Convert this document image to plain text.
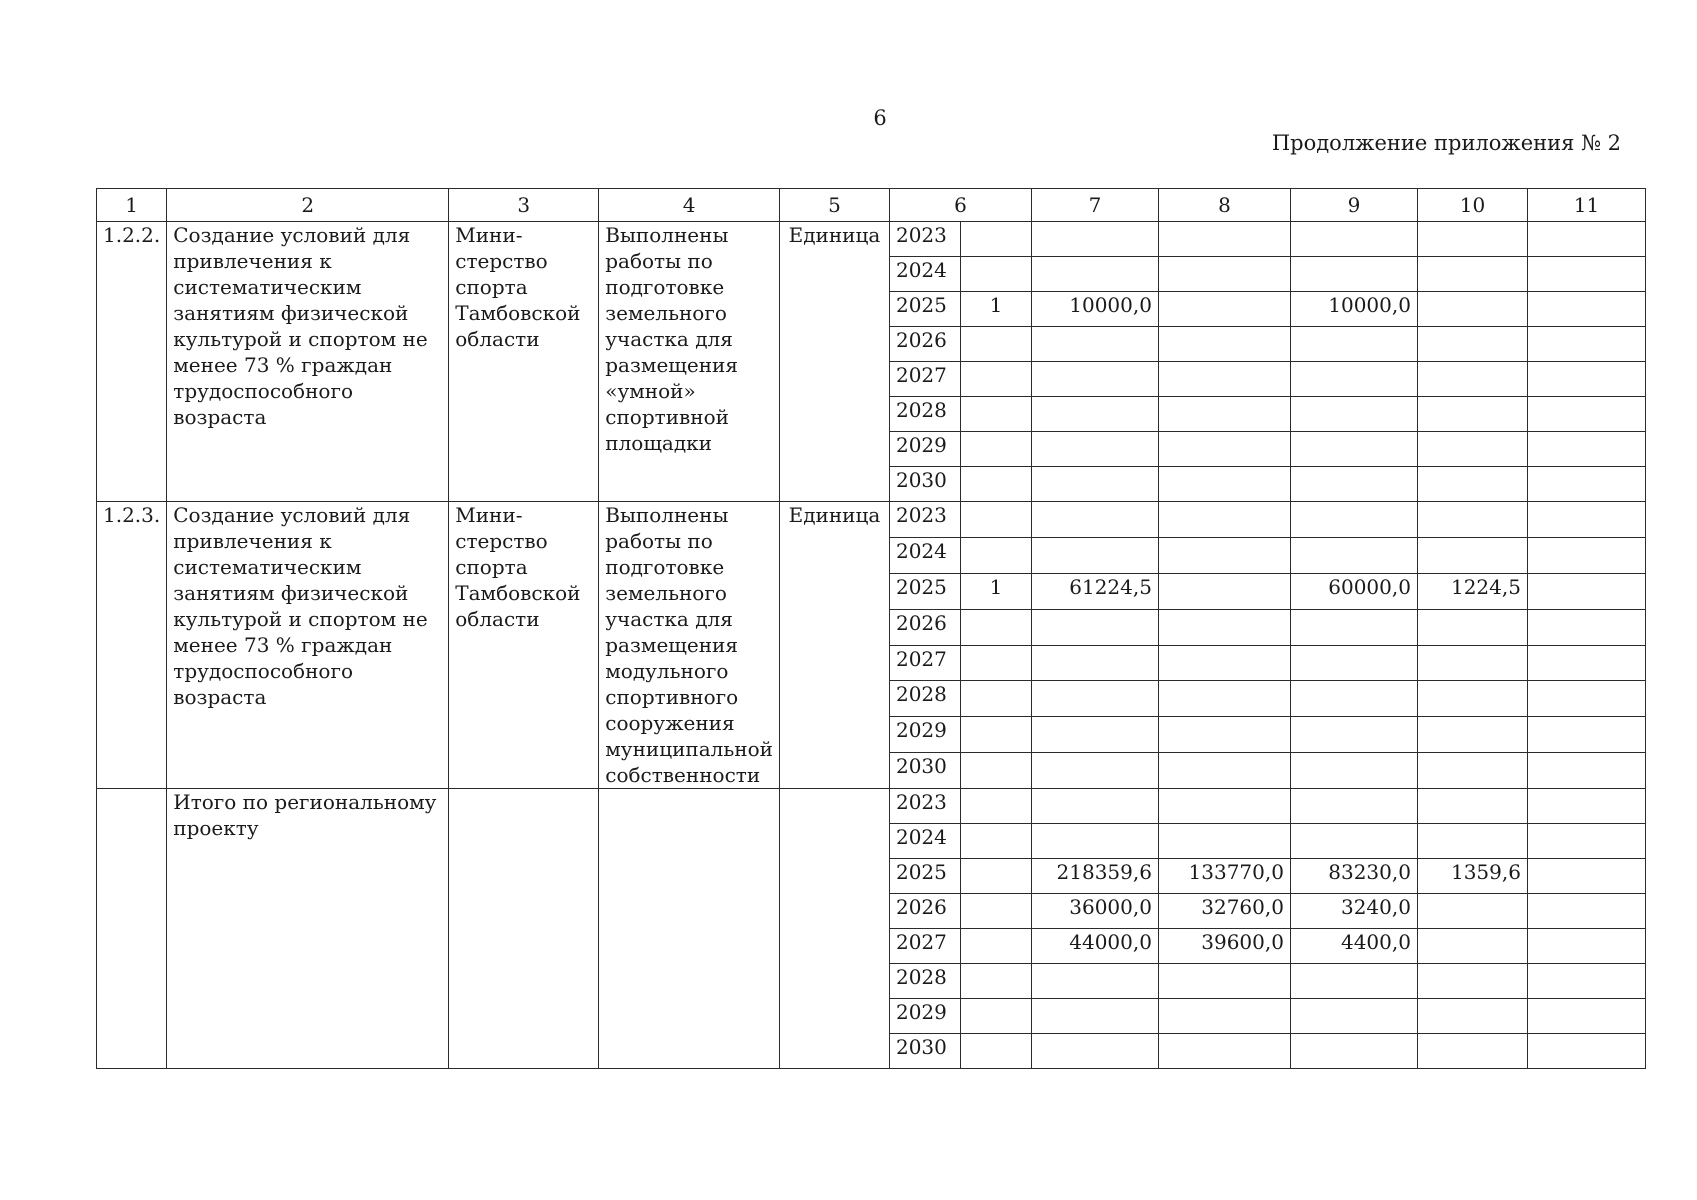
6
Продолжение приложения № 2
1	2	3	4	5	6		7	8	9	10	11
1.2.2.	Создание условий для привлечения к систематическим занятиям физической культурой и спортом не менее 73 % граждан трудоспособного возраста	Мини-стерство спорта Тамбовской области	Выполнены работы по подготовке земельного участка для размещения «умной» спортивной площадки	Единица	2023						
					2024						
					2025	1	10000,0		10000,0		
					2026						
					2027						
					2028						
					2029						
					2030						
1.2.3.	Создание условий для привлечения к систематическим занятиям физической культурой и спортом не менее 73 % граждан трудоспособного возраста	Мини-стерство спорта Тамбовской области	Выполнены работы по подготовке земельного участка для размещения модульного спортивного сооружения муниципальной собственности	Единица	2023						
					2024						
					2025	1	61224,5		60000,0	1224,5	
					2026						
					2027						
					2028						
					2029						
					2030						
	Итого по региональному проекту				2023						
					2024						
					2025		218359,6	133770,0	83230,0	1359,6	
					2026		36000,0	32760,0	3240,0		
					2027		44000,0	39600,0	4400,0		
					2028						
					2029						
					2030						
